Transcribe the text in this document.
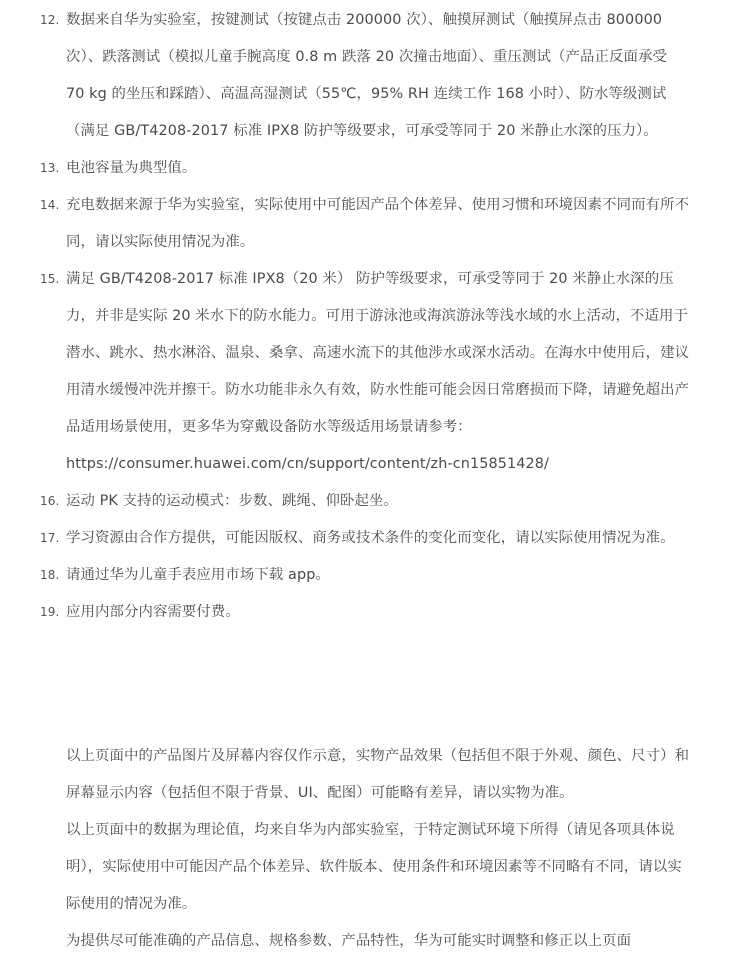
12. 数据来自华为实验室，按键测试（按键点击 200000 次）、触摸屏测试（触摸屏点击 800000 次）、跌落测试（模拟儿童手腕高度 0.8 m 跌落 20 次撞击地面）、重压测试（产品正反面承受 70 kg 的坐压和踩踏）、高温高湿测试（55℃，95% RH 连续工作 168 小时）、防水等级测试（满足 GB/T4208-2017 标准 IPX8 防护等级要求，可承受等同于 20 米静止水深的压力）。
13. 电池容量为典型值。
14. 充电数据来源于华为实验室，实际使用中可能因产品个体差异、使用习惯和环境因素不同而有所不同，请以实际使用情况为准。
15. 满足 GB/T4208-2017 标准 IPX8（20 米） 防护等级要求，可承受等同于 20 米静止水深的压力，并非是实际 20 米水下的防水能力。可用于游泳池或海滨游泳等浅水域的水上活动，不适用于潜水、跳水、热水淋浴、温泉、桑拿、高速水流下的其他涉水或深水活动。在海水中使用后，建议用清水缓慢冲洗并擦干。防水功能非永久有效，防水性能可能会因日常磨损而下降，请避免超出产品适用场景使用，更多华为穿戴设备防水等级适用场景请参考：https://consumer.huawei.com/cn/support/content/zh-cn15851428/
16. 运动 PK 支持的运动模式：步数、跳绳、仰卧起坐。
17. 学习资源由合作方提供，可能因版权、商务或技术条件的变化而变化，请以实际使用情况为准。
18. 请通过华为儿童手表应用市场下载 app。
19. 应用内部分内容需要付费。

以上页面中的产品图片及屏幕内容仅作示意，实物产品效果（包括但不限于外观、颜色、尺寸）和屏幕显示内容（包括但不限于背景、UI、配图）可能略有差异，请以实物为准。

以上页面中的数据为理论值，均来自华为内部实验室，于特定测试环境下所得（请见各项具体说明），实际使用中可能因产品个体差异、软件版本、使用条件和环境因素等不同略有不同，请以实际使用的情况为准。

为提供尽可能准确的产品信息、规格参数、产品特性，华为可能实时调整和修正以上页面
